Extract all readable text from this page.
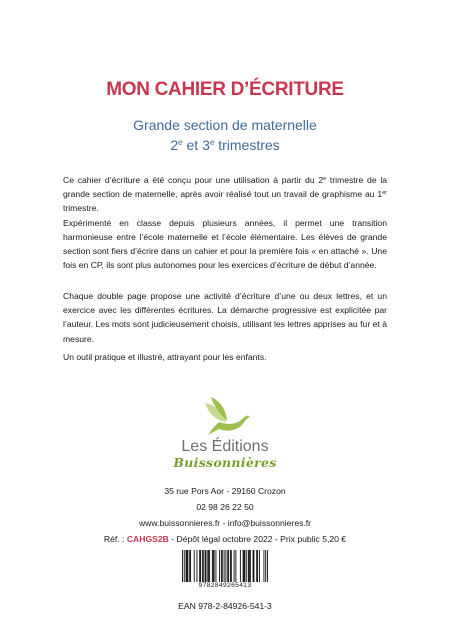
MON CAHIER D’ÉCRITURE
Grande section de maternelle
2e et 3e trimestres

Ce cahier d’écriture a été conçu pour une utilisation à partir du 2e trimestre de la grande section de maternelle, après avoir réalisé tout un travail de graphisme au 1er trimestre.

Expérimenté en classe depuis plusieurs années, il permet une transition harmonieuse entre l’école maternelle et l’école élémentaire. Les élèves de grande section sont fiers d’écrire dans un cahier et pour la première fois « en attaché ». Une fois en CP, ils sont plus autonomes pour les exercices d’écriture de début d’année.

Chaque double page propose une activité d’écriture d’une ou deux lettres, et un exercice avec les différentes écritures. La démarche progressive est explicitée par l’auteur. Les mots sont judicieusement choisis, utilisant les lettres apprises au fur et à mesure.

Un outil pratique et illustré, attrayant pour les enfants.

Les Éditions
Buissonnières
35 rue Pors Aor - 29160 Crozon
02 98 26 22 50
www.buissonnieres.fr - info@buissonnieres.fr
Réf. : CAHGS2B - Dépôt légal octobre 2022 - Prix public 5,20 €
9782849265413
EAN 978-2-84926-541-3
